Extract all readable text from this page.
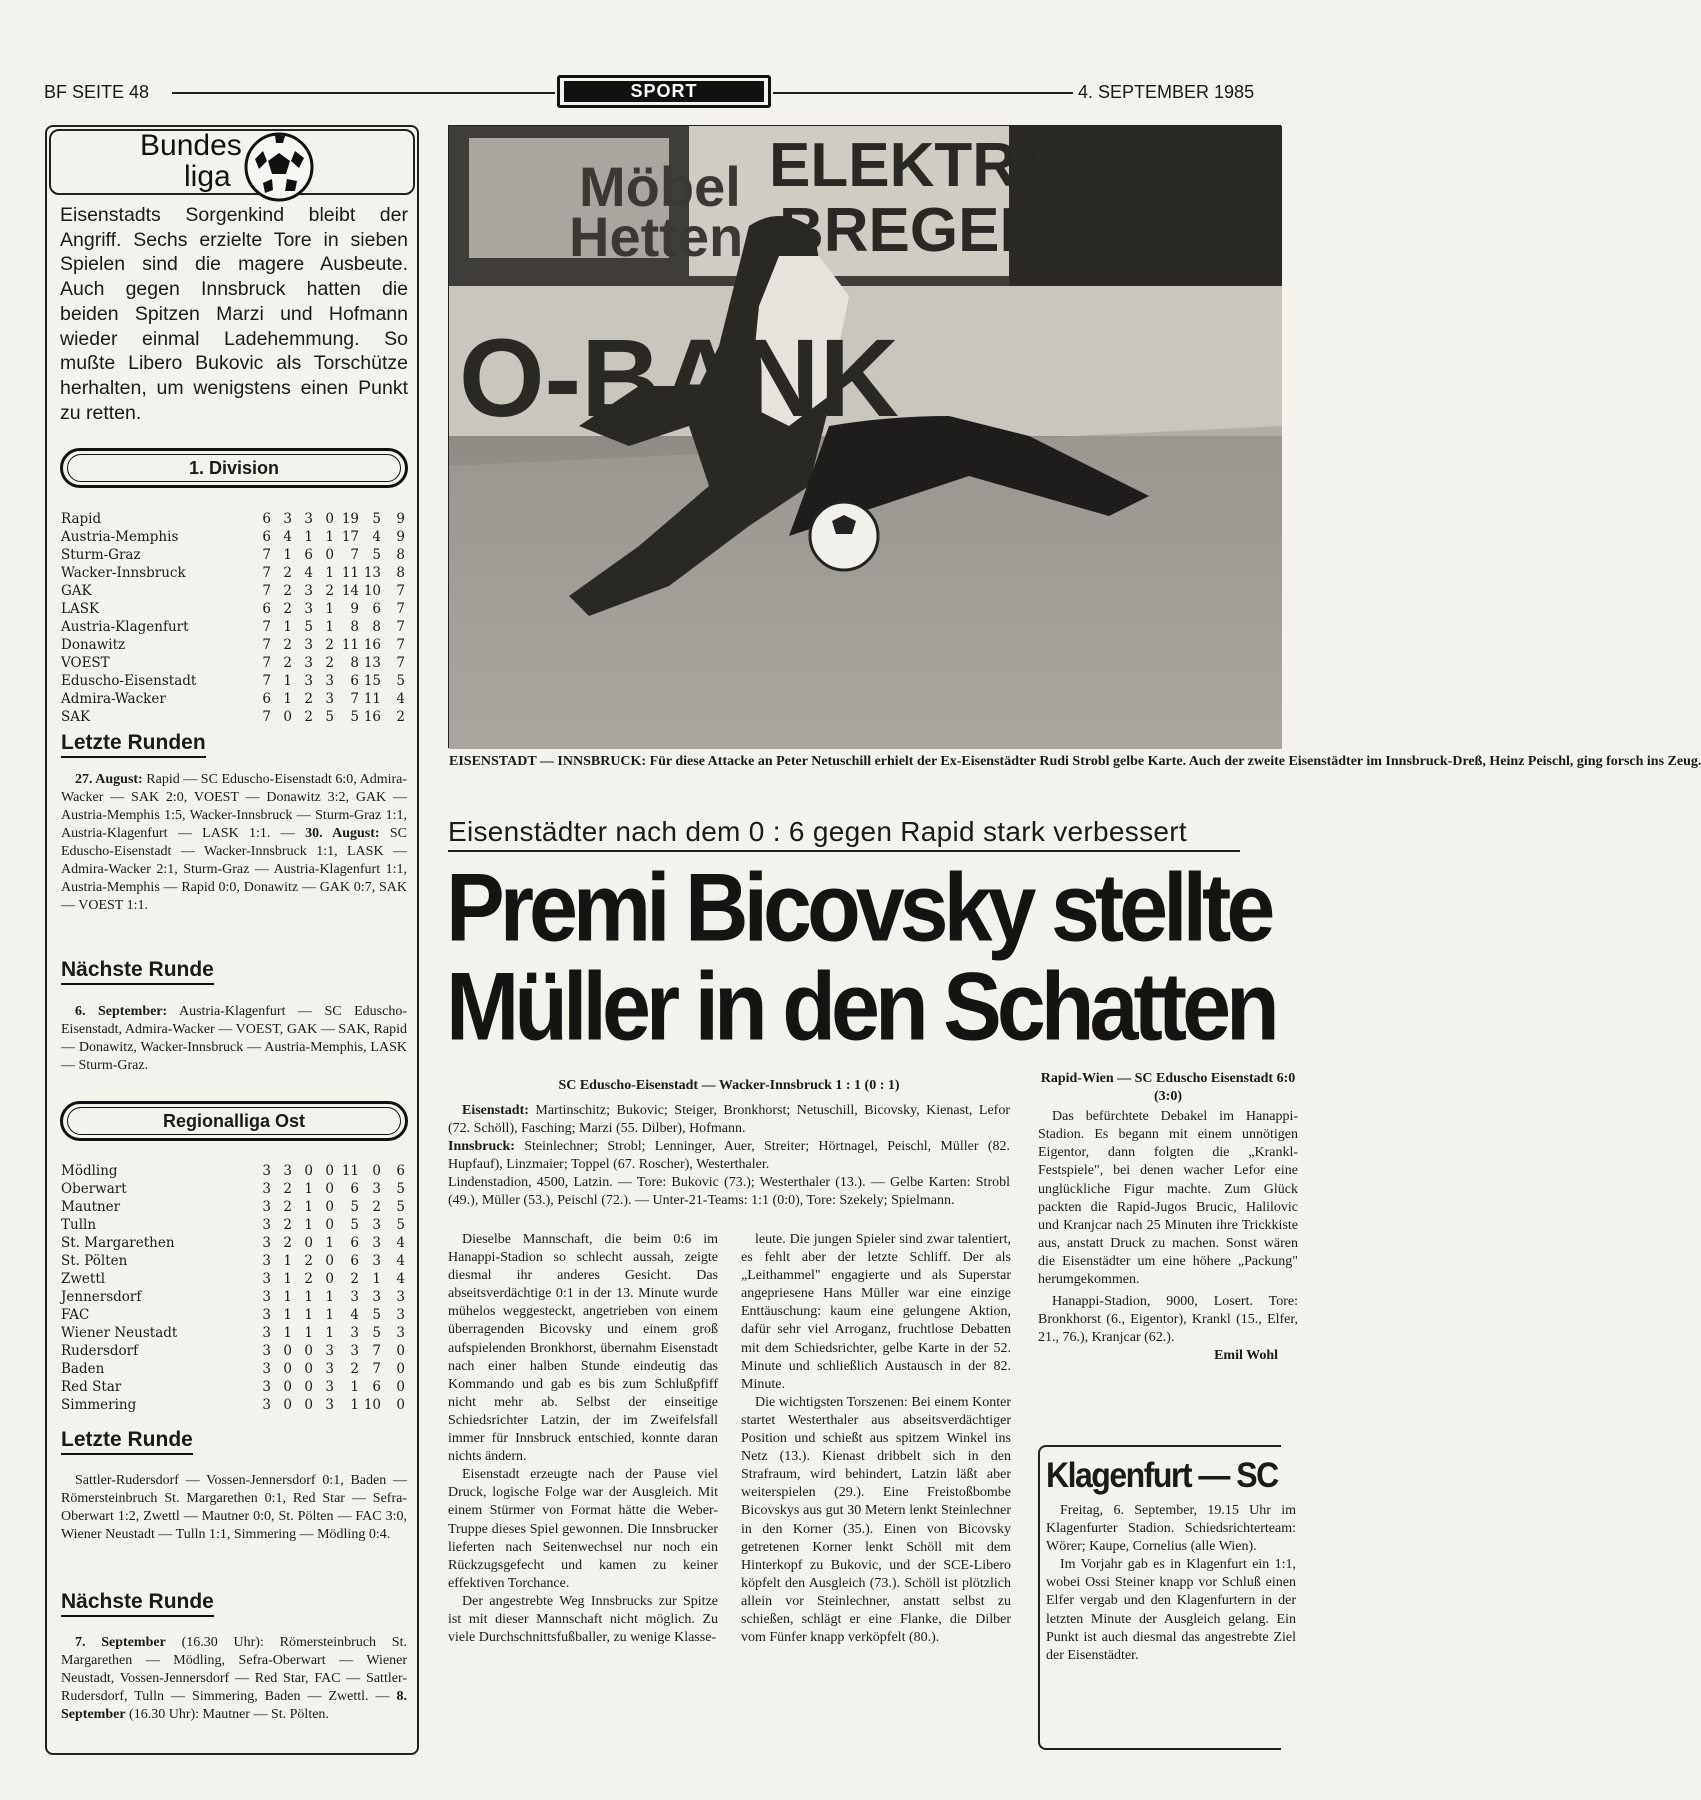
BF SEITE 48	SPORT	4. SEPTEMBER 1985
Bundes
liga
Eisenstadts Sorgenkind bleibt der Angriff. Sechs erzielte Tore in sieben Spielen sind die magere Ausbeute. Auch gegen Innsbruck hatten die beiden Spitzen Marzi und Hofmann wieder einmal Ladehemmung. So mußte Libero Bukovic als Torschütze herhalten, um wenigstens einen Punkt zu retten.
1. Division
Rapid	6 3 3 0 19 5	9
Austria-Memphis	6 4 1 1 17 4	9
Sturm-Graz	7 1 6 0	7 5	8
Wacker-Innsbruck	7 2 4 1 11 13	8
GAK	7 2 3 2 14 10	7
LASK	6 2 3 1	9 6	7
Austria-Klagenfurt	7 1 5 1	8 8	7
Donawitz	7 2 3 2 11 16	7
VOEST	7 2 3 2	8 13	7
Eduscho-Eisenstadt	7 1 3 3	6 15	5
Admira-Wacker	6 1 2 3	7 11	4
SAK	7 0 2 5	5 16	2
Letzte Runden
27. August: Rapid — SC Eduscho-Eisenstadt 6:0, Admira-Wacker — SAK 2:0, VOEST — Donawitz 3:2, GAK — Austria-Memphis 1:5, Wacker-Innsbruck — Sturm-Graz 1:1, Austria-Klagenfurt — LASK 1:1. — 30. August: SC Eduscho-Eisenstadt — Wacker-Innsbruck 1:1, LASK — Admira-Wacker 2:1, Sturm-Graz — Austria-Klagenfurt 1:1, Austria-Memphis — Rapid 0:0, Donawitz — GAK 0:7, SAK — VOEST 1:1.
Nächste Runde
6. September: Austria-Klagenfurt — SC Eduscho-Eisenstadt, Admira-Wacker — VOEST, GAK — SAK, Rapid — Donawitz, Wacker-Innsbruck — Austria-Memphis, LASK — Sturm-Graz.
Regionalliga Ost
Mödling	3 3 0 0 11 0	6
Oberwart	3 2 1 0	6 3	5
Mautner	3 2 1 0	5 2	5
Tulln	3 2 1 0	5 3	5
St. Margarethen	3 2 0 1	6 3	4
St. Pölten	3 1 2 0	6 3	4
Zwettl	3 1 2 0	2 1	4
Jennersdorf	3 1 1 1	3 3	3
FAC	3 1 1 1	4 5	3
Wiener Neustadt	3 1 1 1	3 5	3
Rudersdorf	3 0 0 3	3 7	0
Baden	3 0 0 3	2 7	0
Red Star	3 0 0 3	1 6	0
Simmering	3 0 0 3	1 10	0
Letzte Runde
Sattler-Rudersdorf — Vossen-Jennersdorf 0:1, Baden — Römersteinbruch St. Margarethen 0:1, Red Star — Sefra-Oberwart 1:2, Zwettl — Mautner 0:0, St. Pölten — FAC 3:0, Wiener Neustadt — Tulln 1:1, Simmering — Mödling 0:4.
Nächste Runde
7. September (16.30 Uhr): Römersteinbruch St. Margarethen — Mödling, Sefra-Oberwart — Wiener Neustadt, Vossen-Jennersdorf — Red Star, FAC — Sattler-Rudersdorf, Tulln — Simmering, Baden — Zwettl. — 8. September (16.30 Uhr): Mautner — St. Pölten.
Möbel
Hetten
ELEKTRA
BREGENZ
O-BANK
EISENSTADT — INNSBRUCK: Für diese Attacke an Peter Netuschill erhielt der Ex-Eisenstädter Rudi Strobl gelbe Karte. Auch der zweite Eisenstädter im Innsbruck-Dreß, Heinz Peischl, ging forsch ins Zeug.
Eisenstädter nach dem 0 : 6 gegen Rapid stark verbessert
Premi Bicovsky stellte
Müller in den Schatten
SC Eduscho-Eisenstadt — Wacker-Innsbruck 1 : 1 (0 : 1)
Eisenstadt: Martinschitz; Bukovic; Steiger, Bronkhorst; Netuschill, Bicovsky, Kienast, Lefor (72. Schöll), Fasching; Marzi (55. Dilber), Hofmann.
Innsbruck: Steinlechner; Strobl; Lenninger, Auer, Streiter; Hörtnagel, Peischl, Müller (82. Hupfauf), Linzmaier; Toppel (67. Roscher), Westerthaler.
Lindenstadion, 4500, Latzin. — Tore: Bukovic (73.); Westerthaler (13.). — Gelbe Karten: Strobl (49.), Müller (53.), Peischl (72.). — Unter-21-Teams: 1:1 (0:0), Tore: Szekely; Spielmann.
Dieselbe Mannschaft, die beim 0:6 im Hanappi-Stadion so schlecht aussah, zeigte diesmal ihr anderes Gesicht. Das abseitsverdächtige 0:1 in der 13. Minute wurde mühelos weggesteckt, angetrieben von einem überragenden Bicovsky und einem groß aufspielenden Bronkhorst, übernahm Eisenstadt nach einer halben Stunde eindeutig das Kommando und gab es bis zum Schlußpfiff nicht mehr ab. Selbst der einseitige Schiedsrichter Latzin, der im Zweifelsfall immer für Innsbruck entschied, konnte daran nichts ändern.
Eisenstadt erzeugte nach der Pause viel Druck, logische Folge war der Ausgleich. Mit einem Stürmer von Format hätte die Weber-Truppe dieses Spiel gewonnen. Die Innsbrucker lieferten nach Seitenwechsel nur noch ein Rückzugsgefecht und kamen zu keiner effektiven Torchance.
Der angestrebte Weg Innsbrucks zur Spitze ist mit dieser Mannschaft nicht möglich. Zu viele Durchschnittsfußballer, zu wenige Klasse-
leute. Die jungen Spieler sind zwar talentiert, es fehlt aber der letzte Schliff. Der als „Leithammel" engagierte und als Superstar angepriesene Hans Müller war eine einzige Enttäuschung: kaum eine gelungene Aktion, dafür sehr viel Arroganz, fruchtlose Debatten mit dem Schiedsrichter, gelbe Karte in der 52. Minute und schließlich Austausch in der 82. Minute.
Die wichtigsten Torszenen: Bei einem Konter startet Westerthaler aus abseitsverdächtiger Position und schießt aus spitzem Winkel ins Netz (13.). Kienast dribbelt sich in den Strafraum, wird behindert, Latzin läßt aber weiterspielen (29.). Eine Freistoßbombe Bicovskys aus gut 30 Metern lenkt Steinlechner in den Korner (35.). Einen von Bicovsky getretenen Korner lenkt Schöll mit dem Hinterkopf zu Bukovic, und der SCE-Libero köpfelt den Ausgleich (73.). Schöll ist plötzlich allein vor Steinlechner, anstatt selbst zu schießen, schlägt er eine Flanke, die Dilber vom Fünfer knapp verköpfelt (80.).
Rapid-Wien — SC Eduscho Eisenstadt 6:0 (3:0)
Das befürchtete Debakel im Hanappi-Stadion. Es begann mit einem unnötigen Eigentor, dann folgten die „Krankl-Festspiele", bei denen wacher Lefor eine unglückliche Figur machte. Zum Glück packten die Rapid-Jugos Brucic, Halilovic und Kranjcar nach 25 Minuten ihre Trickkiste aus, anstatt Druck zu machen. Sonst wären die Eisenstädter um eine höhere „Packung" herumgekommen.
Hanappi-Stadion, 9000, Losert. Tore: Bronkhorst (6., Eigentor), Krankl (15., Elfer, 21., 76.), Kranjcar (62.).
Emil Wohl
Klagenfurt — SC
Freitag, 6. September, 19.15 Uhr im Klagenfurter Stadion. Schiedsrichterteam: Wörer; Kaupe, Cornelius (alle Wien).
Im Vorjahr gab es in Klagenfurt ein 1:1, wobei Ossi Steiner knapp vor Schluß einen Elfer vergab und den Klagenfurtern in der letzten Minute der Ausgleich gelang. Ein Punkt ist auch diesmal das angestrebte Ziel der Eisenstädter.
